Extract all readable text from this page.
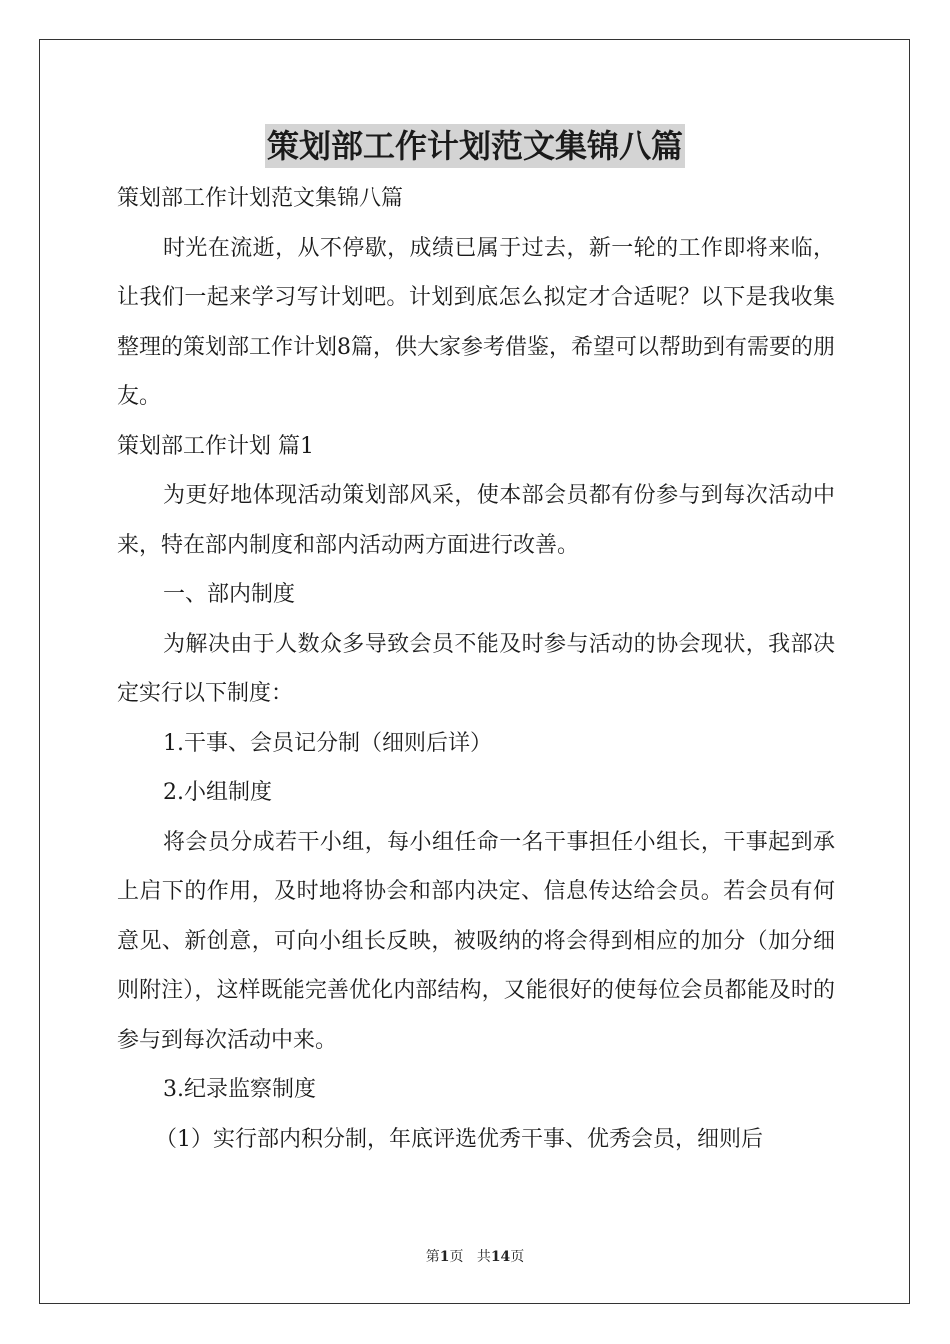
策划部工作计划范文集锦八篇

策划部工作计划范文集锦八篇

时光在流逝，从不停歇，成绩已属于过去，新一轮的工作即将来临，让我们一起来学习写计划吧。计划到底怎么拟定才合适呢？以下是我收集整理的策划部工作计划8篇，供大家参考借鉴，希望可以帮助到有需要的朋友。

策划部工作计划 篇1

为更好地体现活动策划部风采，使本部会员都有份参与到每次活动中来，特在部内制度和部内活动两方面进行改善。

一、部内制度

为解决由于人数众多导致会员不能及时参与活动的协会现状，我部决定实行以下制度：

1.干事、会员记分制（细则后详）

2.小组制度

将会员分成若干小组，每小组任命一名干事担任小组长，干事起到承上启下的作用，及时地将协会和部内决定、信息传达给会员。若会员有何意见、新创意，可向小组长反映，被吸纳的将会得到相应的加分（加分细则附注），这样既能完善优化内部结构，又能很好的使每位会员都能及时的参与到每次活动中来。

3.纪录监察制度

（1）实行部内积分制，年底评选优秀干事、优秀会员，细则后

第1页 共14页
